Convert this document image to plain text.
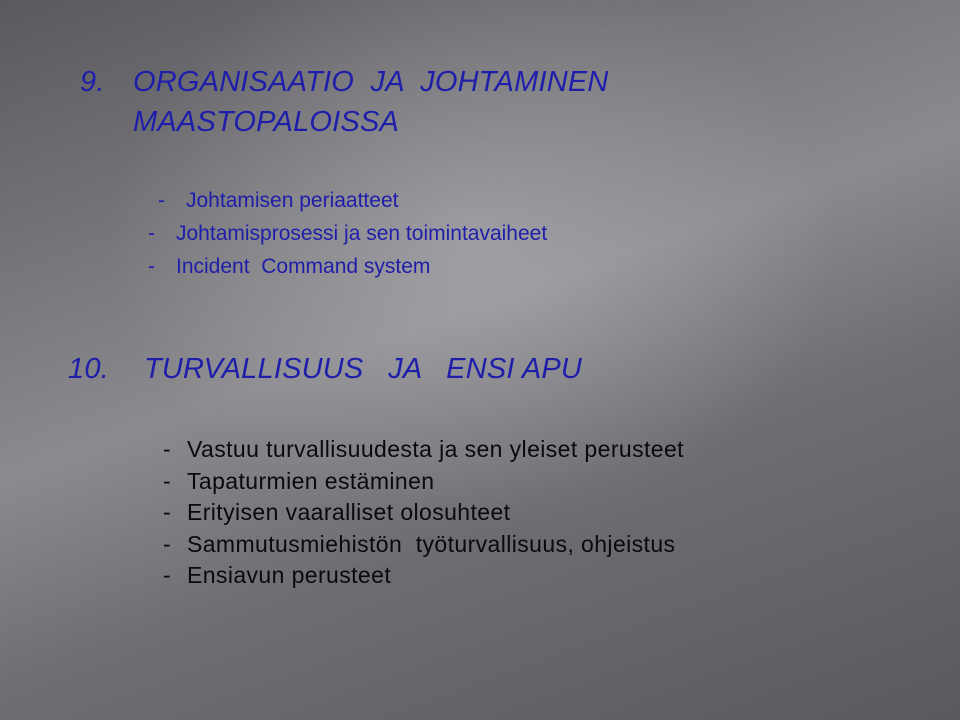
9. ORGANISAATIO  JA  JOHTAMINEN
MAASTOPALOISSA
-	Johtamisen periaatteet
-	Johtamisprosessi ja sen toimintavaiheet
-	Incident  Command system
10. TURVALLISUUS   JA   ENSI APU
- Vastuu turvallisuudesta ja sen yleiset perusteet
- Tapaturmien estäminen
- Erityisen vaaralliset olosuhteet
- Sammutusmiehistön  työturvallisuus, ohjeistus
- Ensiavun perusteet
